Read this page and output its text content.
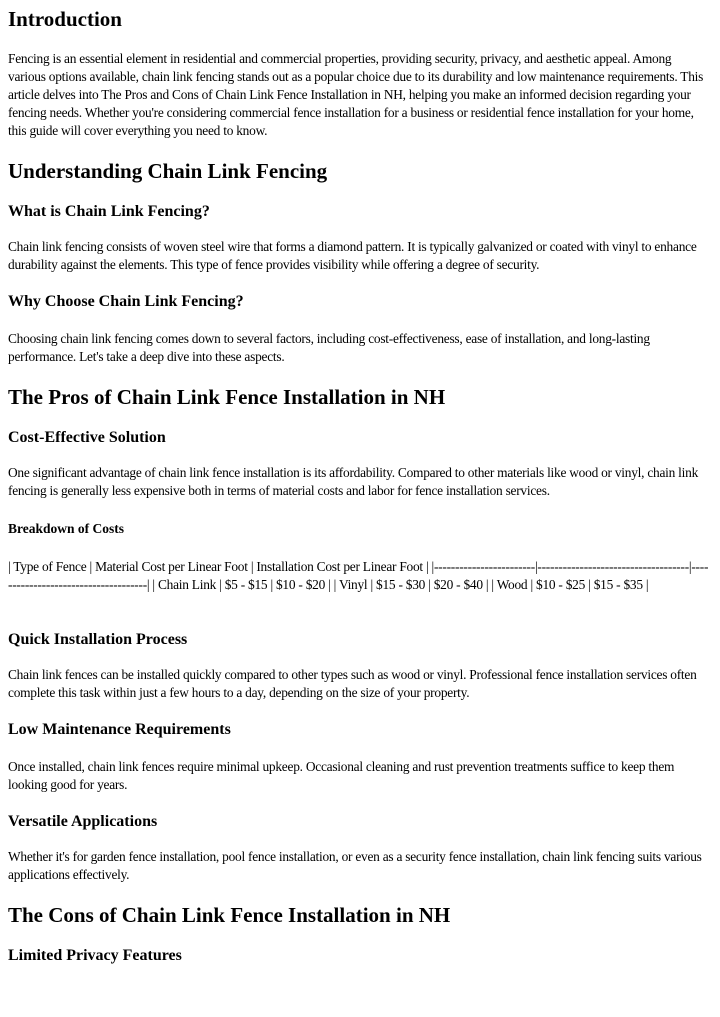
Introduction

Fencing is an essential element in residential and commercial properties, providing security, privacy, and aesthetic appeal. Among various options available, chain link fencing stands out as a popular choice due to its durability and low maintenance requirements. This article delves into The Pros and Cons of Chain Link Fence Installation in NH, helping you make an informed decision regarding your fencing needs. Whether you're considering commercial fence installation for a business or residential fence installation for your home, this guide will cover everything you need to know.

Understanding Chain Link Fencing
What is Chain Link Fencing?

Chain link fencing consists of woven steel wire that forms a diamond pattern. It is typically galvanized or coated with vinyl to enhance durability against the elements. This type of fence provides visibility while offering a degree of security.

Why Choose Chain Link Fencing?

Choosing chain link fencing comes down to several factors, including cost-effectiveness, ease of installation, and long-lasting performance. Let's take a deep dive into these aspects.

The Pros of Chain Link Fence Installation in NH
Cost-Effective Solution

One significant advantage of chain link fence installation is its affordability. Compared to other materials like wood or vinyl, chain link fencing is generally less expensive both in terms of material costs and labor for fence installation services.

Breakdown of Costs

| Type of Fence | Material Cost per Linear Foot | Installation Cost per Linear Foot | |------------------------|------------------------------------|-------------------------------------| | Chain Link | $5 - $15 | $10 - $20 | | Vinyl | $15 - $30 | $20 - $40 | | Wood | $10 - $25 | $15 - $35 |

Quick Installation Process

Chain link fences can be installed quickly compared to other types such as wood or vinyl. Professional fence installation services often complete this task within just a few hours to a day, depending on the size of your property.

Low Maintenance Requirements

Once installed, chain link fences require minimal upkeep. Occasional cleaning and rust prevention treatments suffice to keep them looking good for years.

Versatile Applications

Whether it's for garden fence installation, pool fence installation, or even as a security fence installation, chain link fencing suits various applications effectively.

The Cons of Chain Link Fence Installation in NH
Limited Privacy Features
